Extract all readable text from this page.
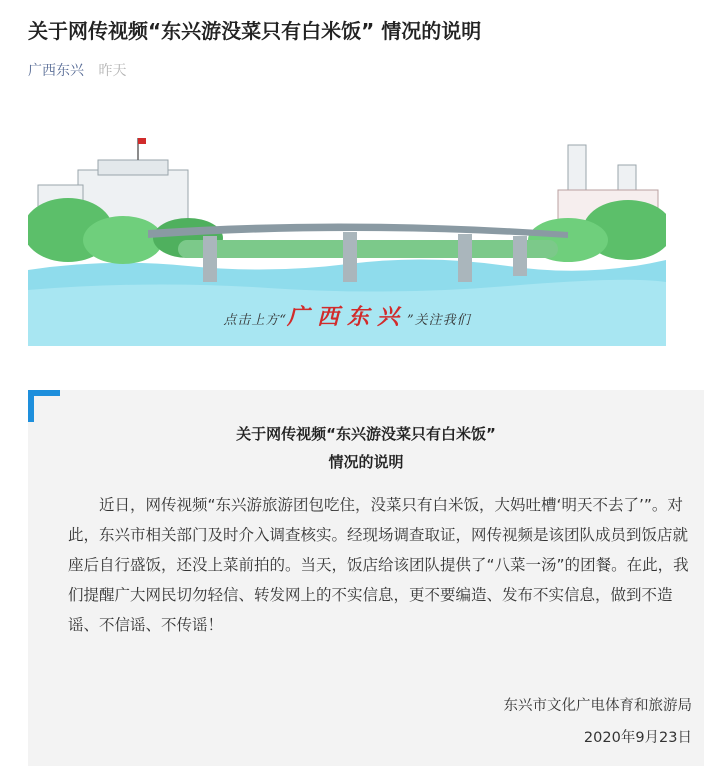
关于网传视频“东兴游没菜只有白米饭” 情况的说明
广西东兴 昨天
点击上方“广西东兴”关注我们
关于网传视频“东兴游没菜只有白米饭”
情况的说明

近日，网传视频“东兴游旅游团包吃住，没菜只有白米饭，大妈吐槽‘明天不去了’”。对此，东兴市相关部门及时介入调查核实。经现场调查取证，网传视频是该团队成员到饭店就座后自行盛饭，还没上菜前拍的。当天，饭店给该团队提供了“八菜一汤”的团餐。在此，我们提醒广大网民切勿轻信、转发网上的不实信息，更不要编造、发布不实信息，做到不造谣、不信谣、不传谣！

东兴市文化广电体育和旅游局
2020年9月23日
